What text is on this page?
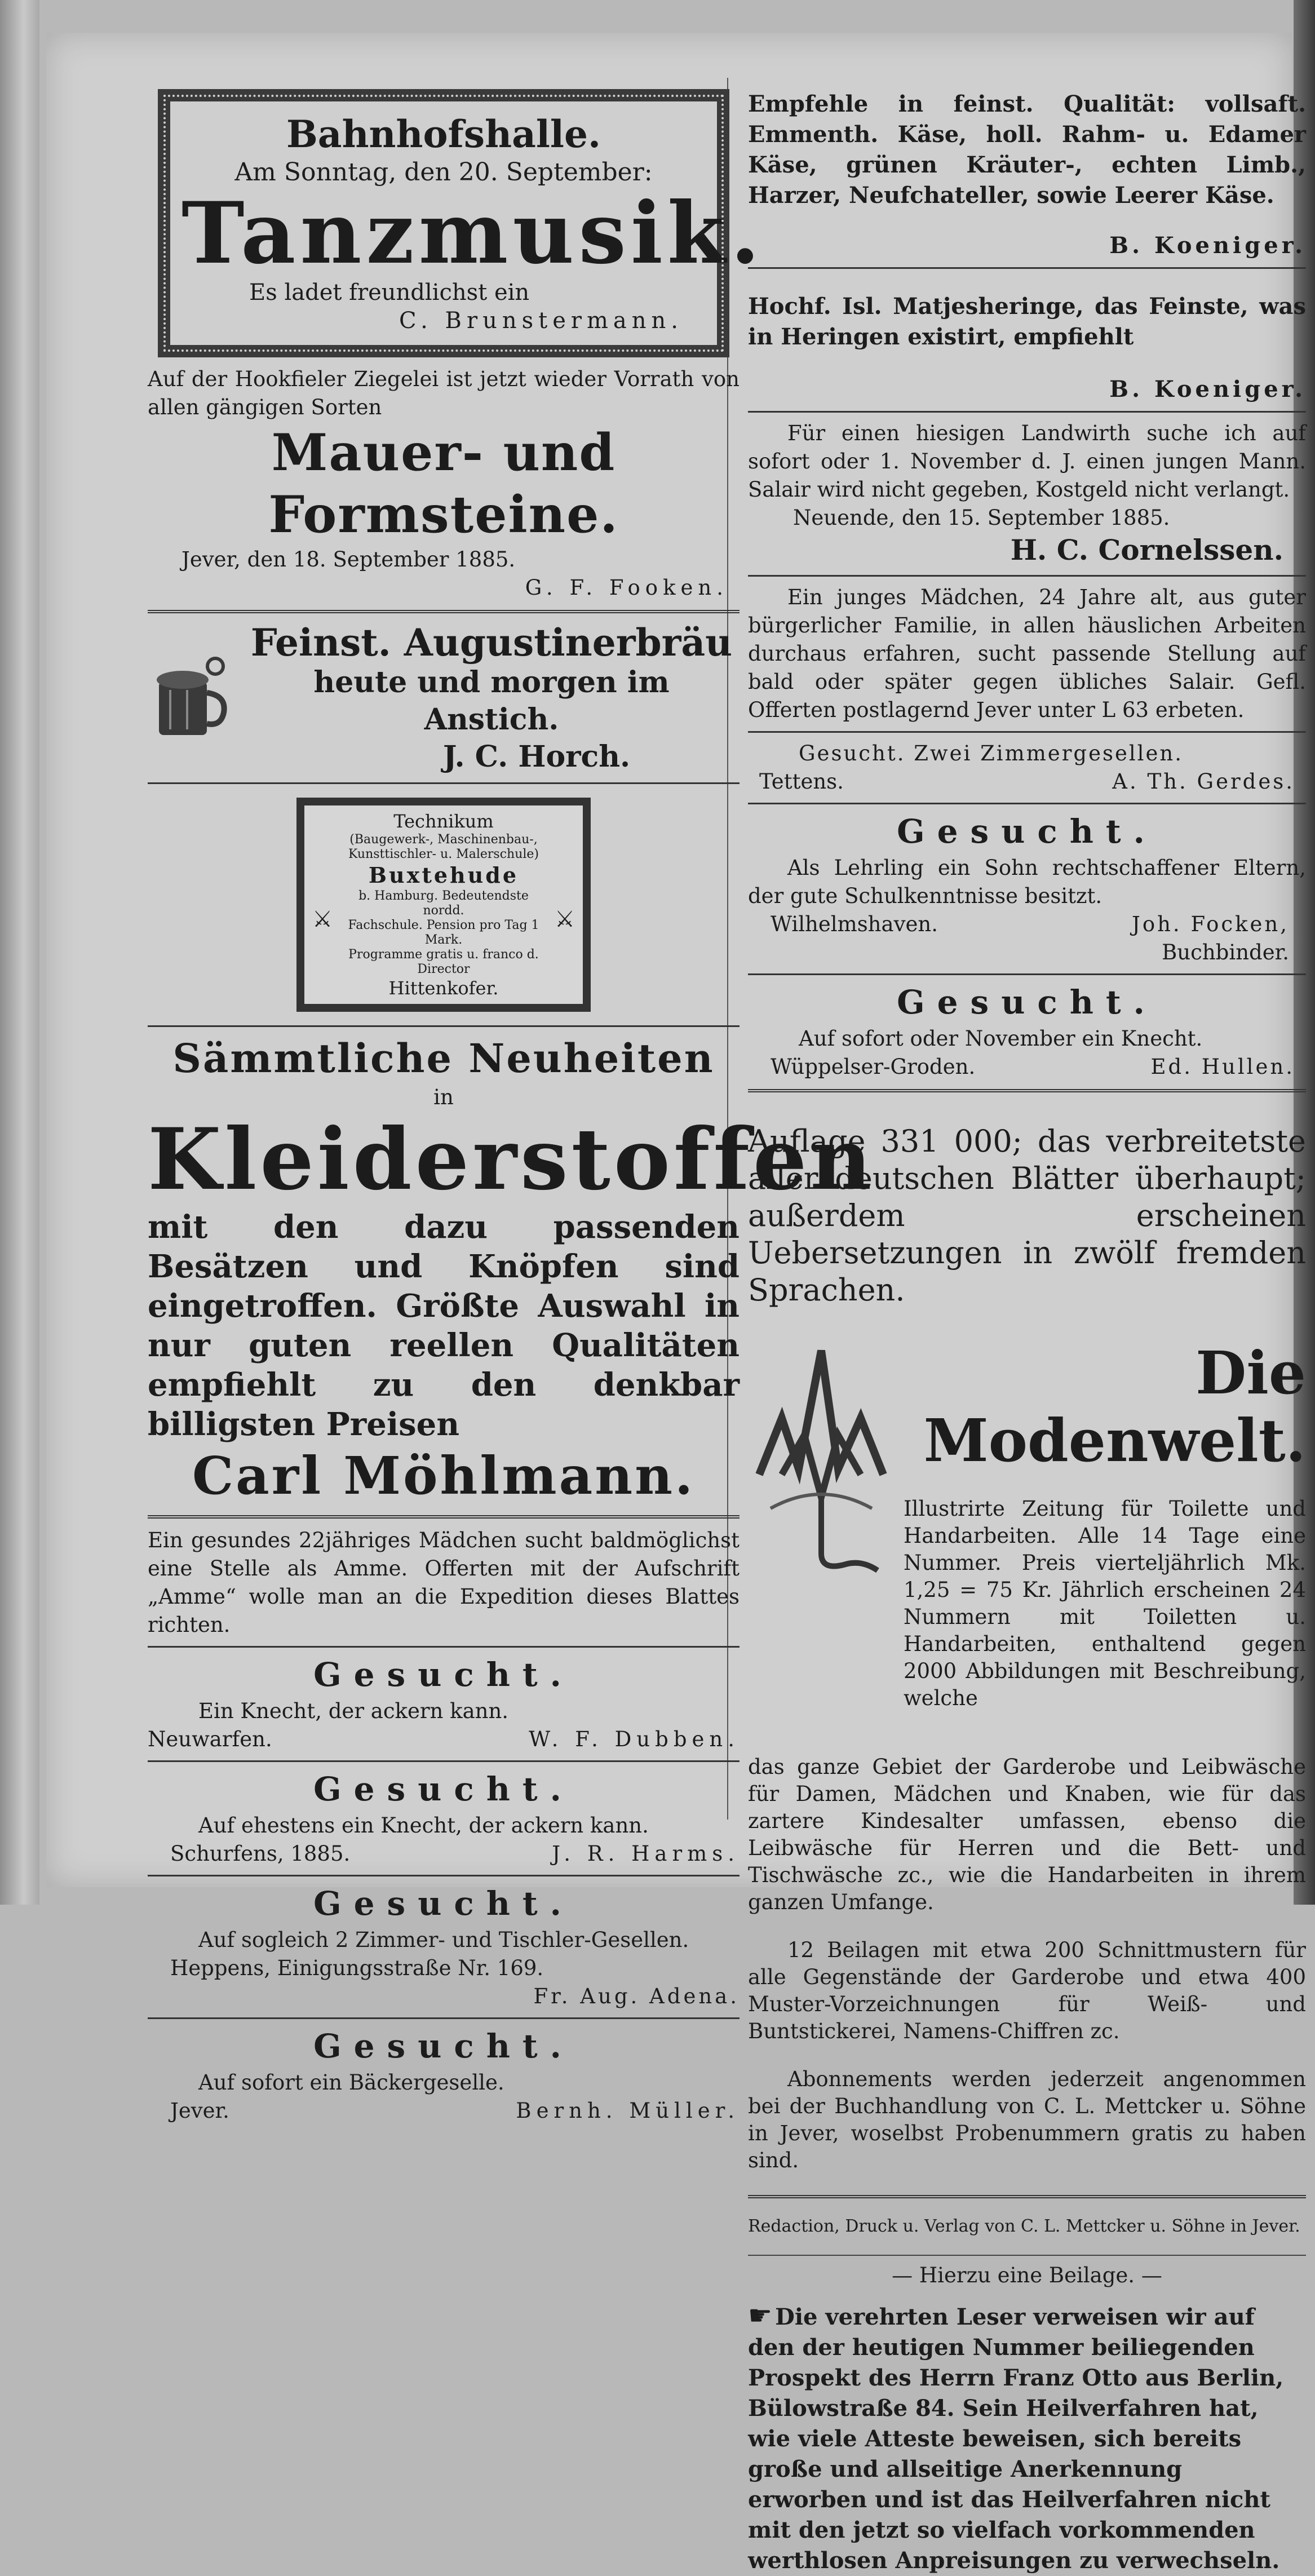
Bahnhofshalle.
Am Sonntag, den 20. September:
Tanzmusik.
Es ladet freundlichst ein
C. Brunstermann.

Auf der Hookfieler Ziegelei ist jetzt wieder Vorrath von allen gängigen Sorten

Mauer- und Formsteine.

Jever, den 18. September 1885.

G. F. Fooken.

Feinst. Augustinerbräu
heute und morgen im Anstich.
J. C. Horch.
Technikum
(Baugewerk-, Maschinenbau-,
Kunsttischler- u. Malerschule)
⚔
Buxtehude
b. Hamburg. Bedeutendste nordd.
Fachschule. Pension pro Tag 1 Mark.
Programme gratis u. franco d. Director
⚔
Hittenkofer.
Sämmtliche Neuheiten
in
Kleiderstoffen
mit den dazu passenden Besätzen und Knöpfen sind eingetroffen. Größte Auswahl in nur guten reellen Qualitäten empfiehlt zu den denkbar billigsten Preisen
Carl Möhlmann.

Ein gesundes 22jähriges Mädchen sucht baldmöglichst eine Stelle als Amme. Offerten mit der Aufschrift „Amme“ wolle man an die Expedition dieses Blattes richten.

Gesucht.

Ein Knecht, der ackern kann.

Neuwarfen.	W. F. Dubben.
Gesucht.

Auf ehestens ein Knecht, der ackern kann.

Schurfens, 1885.	J. R. Harms.
Gesucht.

Auf sogleich 2 Zimmer- und Tischler-Gesellen.

Heppens, Einigungsstraße Nr. 169.

Fr. Aug. Adena.

Gesucht.

Auf sofort ein Bäckergeselle.

Jever.	Bernh. Müller.

Empfehle in feinst. Qualität: vollsaft. Emmenth. Käse, holl. Rahm- u. Edamer Käse, grünen Kräuter-, echten Limb., Harzer, Neufchateller, sowie Leerer Käse.

B. Koeniger.

Hochf. Isl. Matjesheringe, das Feinste, was in Heringen existirt, empfiehlt

B. Koeniger.

Für einen hiesigen Landwirth suche ich auf sofort oder 1. November d. J. einen jungen Mann. Salair wird nicht gegeben, Kostgeld nicht verlangt.

Neuende, den 15. September 1885.

H. C. Cornelssen.

Ein junges Mädchen, 24 Jahre alt, aus guter bürgerlicher Familie, in allen häuslichen Arbeiten durchaus erfahren, sucht passende Stellung auf bald oder später gegen übliches Salair. Gefl. Offerten postlagernd Jever unter L 63 erbeten.

Gesucht. Zwei Zimmergesellen.

Tettens.	A. Th. Gerdes.
Gesucht.

Als Lehrling ein Sohn rechtschaffener Eltern, der gute Schulkenntnisse besitzt.

Wilhelmshaven.	Joh. Focken,

Buchbinder.

Gesucht.

Auf sofort oder November ein Knecht.

Wüppelser-Groden.	Ed. Hullen.

Auflage 331 000; das verbreitetste aller deutschen Blätter überhaupt; außerdem erscheinen Uebersetzungen in zwölf fremden Sprachen.

Die Modenwelt.

Illustrirte Zeitung für Toilette und Handarbeiten. Alle 14 Tage eine Nummer. Preis vierteljährlich Mk. 1,25 = 75 Kr. Jährlich erscheinen 24 Nummern mit Toiletten u. Handarbeiten, enthaltend gegen 2000 Abbildungen mit Beschreibung, welche

das ganze Gebiet der Garderobe und Leibwäsche für Damen, Mädchen und Knaben, wie für das zartere Kindesalter umfassen, ebenso die Leibwäsche für Herren und die Bett- und Tischwäsche zc., wie die Handarbeiten in ihrem ganzen Umfange.

12 Beilagen mit etwa 200 Schnittmustern für alle Gegenstände der Garderobe und etwa 400 Muster-Vorzeichnungen für Weiß- und Buntstickerei, Namens-Chiffren zc.

Abonnements werden jederzeit angenommen bei der Buchhandlung von C. L. Mettcker u. Söhne in Jever, woselbst Probenummern gratis zu haben sind.

Redaction, Druck u. Verlag von C. L. Mettcker u. Söhne in Jever.

— Hierzu eine Beilage. —

☛ Die verehrten Leser verweisen wir auf den der heutigen Nummer beiliegenden Prospekt des Herrn Franz Otto aus Berlin, Bülowstraße 84. Sein Heilverfahren hat, wie viele Atteste beweisen, sich bereits große und allseitige Anerkennung erworben und ist das Heilverfahren nicht mit den jetzt so vielfach vorkommenden werthlosen Anpreisungen zu verwechseln.
